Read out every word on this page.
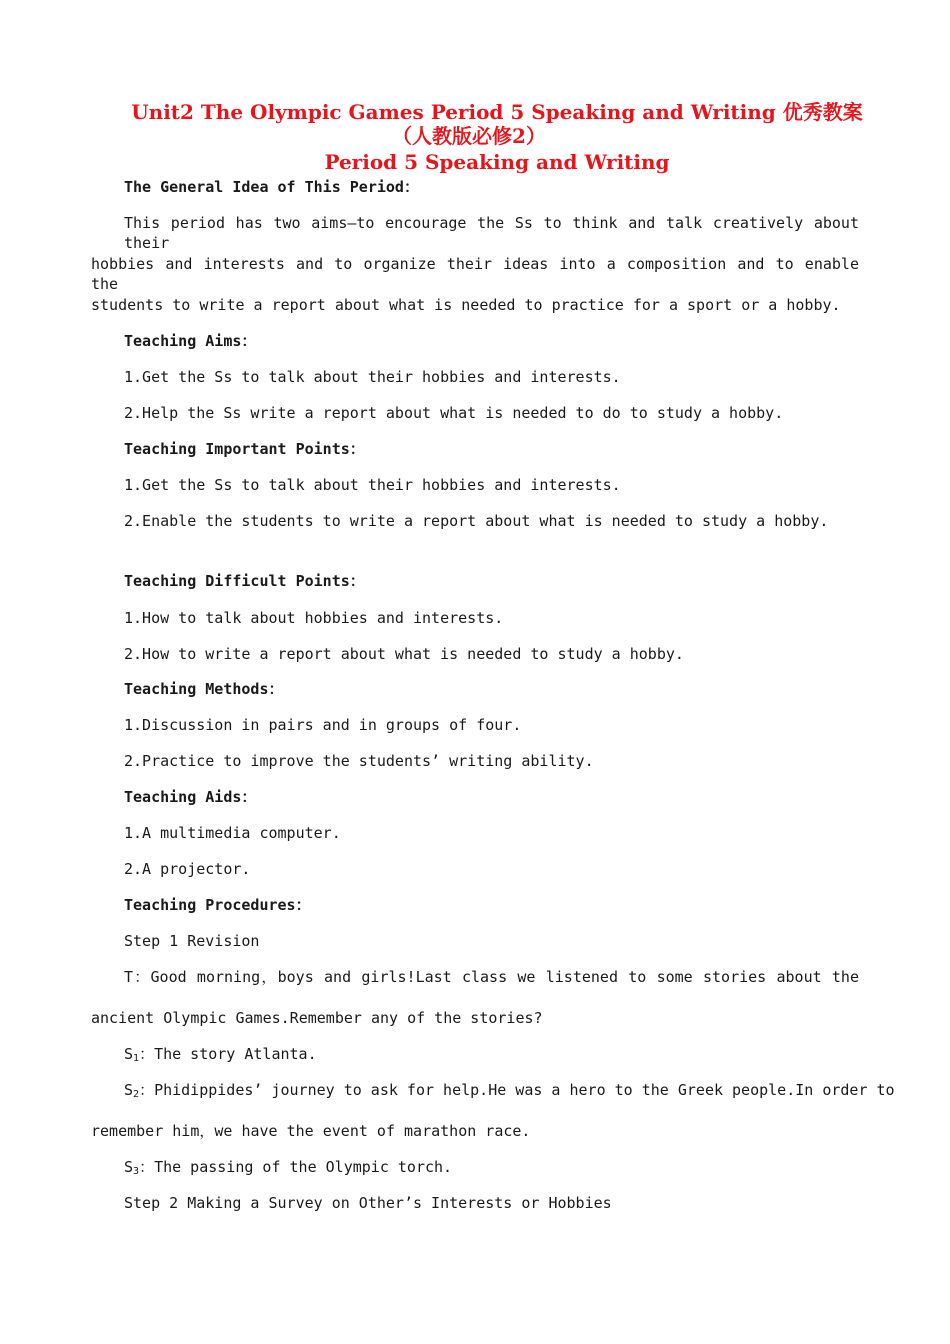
Unit2 The Olympic Games Period 5 Speaking and Writing 优秀教案
（人教版必修2）
Period 5 Speaking and Writing
The General Idea of This Period：
This period has two aims—to encourage the Ss to think and talk creatively about their
hobbies and interests and to organize their ideas into a composition and to enable the
students to write a report about what is needed to practice for a sport or a hobby.
Teaching Aims：
1.Get the Ss to talk about their hobbies and interests.
2.Help the Ss write a report about what is needed to do to study a hobby.
Teaching Important Points：
1.Get the Ss to talk about their hobbies and interests.
2.Enable the students to write a report about what is needed to study a hobby.
Teaching Difficult Points：
1.How to talk about hobbies and interests.
2.How to write a report about what is needed to study a hobby.
Teaching Methods：
1.Discussion in pairs and in groups of four.
2.Practice to improve the students’ writing ability.
Teaching Aids：
1.A multimedia computer.
2.A projector.
Teaching Procedures：
Step 1 Revision
T：Good morning，boys and girls!Last class we listened to some stories about the
ancient Olympic Games.Remember any of the stories?
$S_1$：The story Atlanta.
$S_2$：Phidippides’ journey to ask for help.He was a hero to the Greek people.In order to
remember him，we have the event of marathon race.
$S_3$：The passing of the Olympic torch.
Step 2 Making a Survey on Other’s Interests or Hobbies
